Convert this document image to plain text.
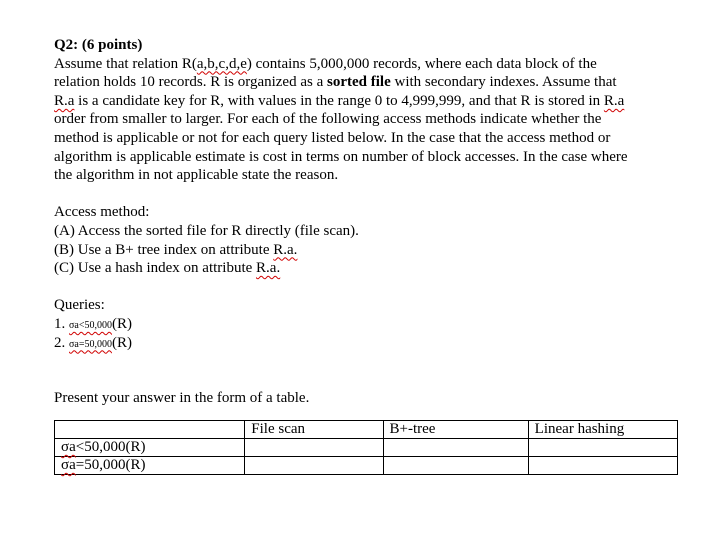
Q2: (6 points)
Assume that relation R(a,b,c,d,e) contains 5,000,000 records, where each data block of the
relation holds 10 records. R is organized as a sorted file with secondary indexes. Assume that
R.a is a candidate key for R, with values in the range 0 to 4,999,999, and that R is stored in R.a
order from smaller to larger. For each of the following access methods indicate whether the
method is applicable or not for each query listed below. In the case that the access method or
algorithm is applicable estimate is cost in terms on number of block accesses. In the case where
the algorithm in not applicable state the reason.
Access method:
(A) Access the sorted file for R directly (file scan).
(B) Use a B+ tree index on attribute R.a.
(C) Use a hash index on attribute R.a.
Queries:
1. σa<50,000(R)
2. σa=50,000(R)
Present your answer in the form of a table.
	File scan	B+-tree	Linear hashing
σa<50,000(R)			
σa=50,000(R)			
